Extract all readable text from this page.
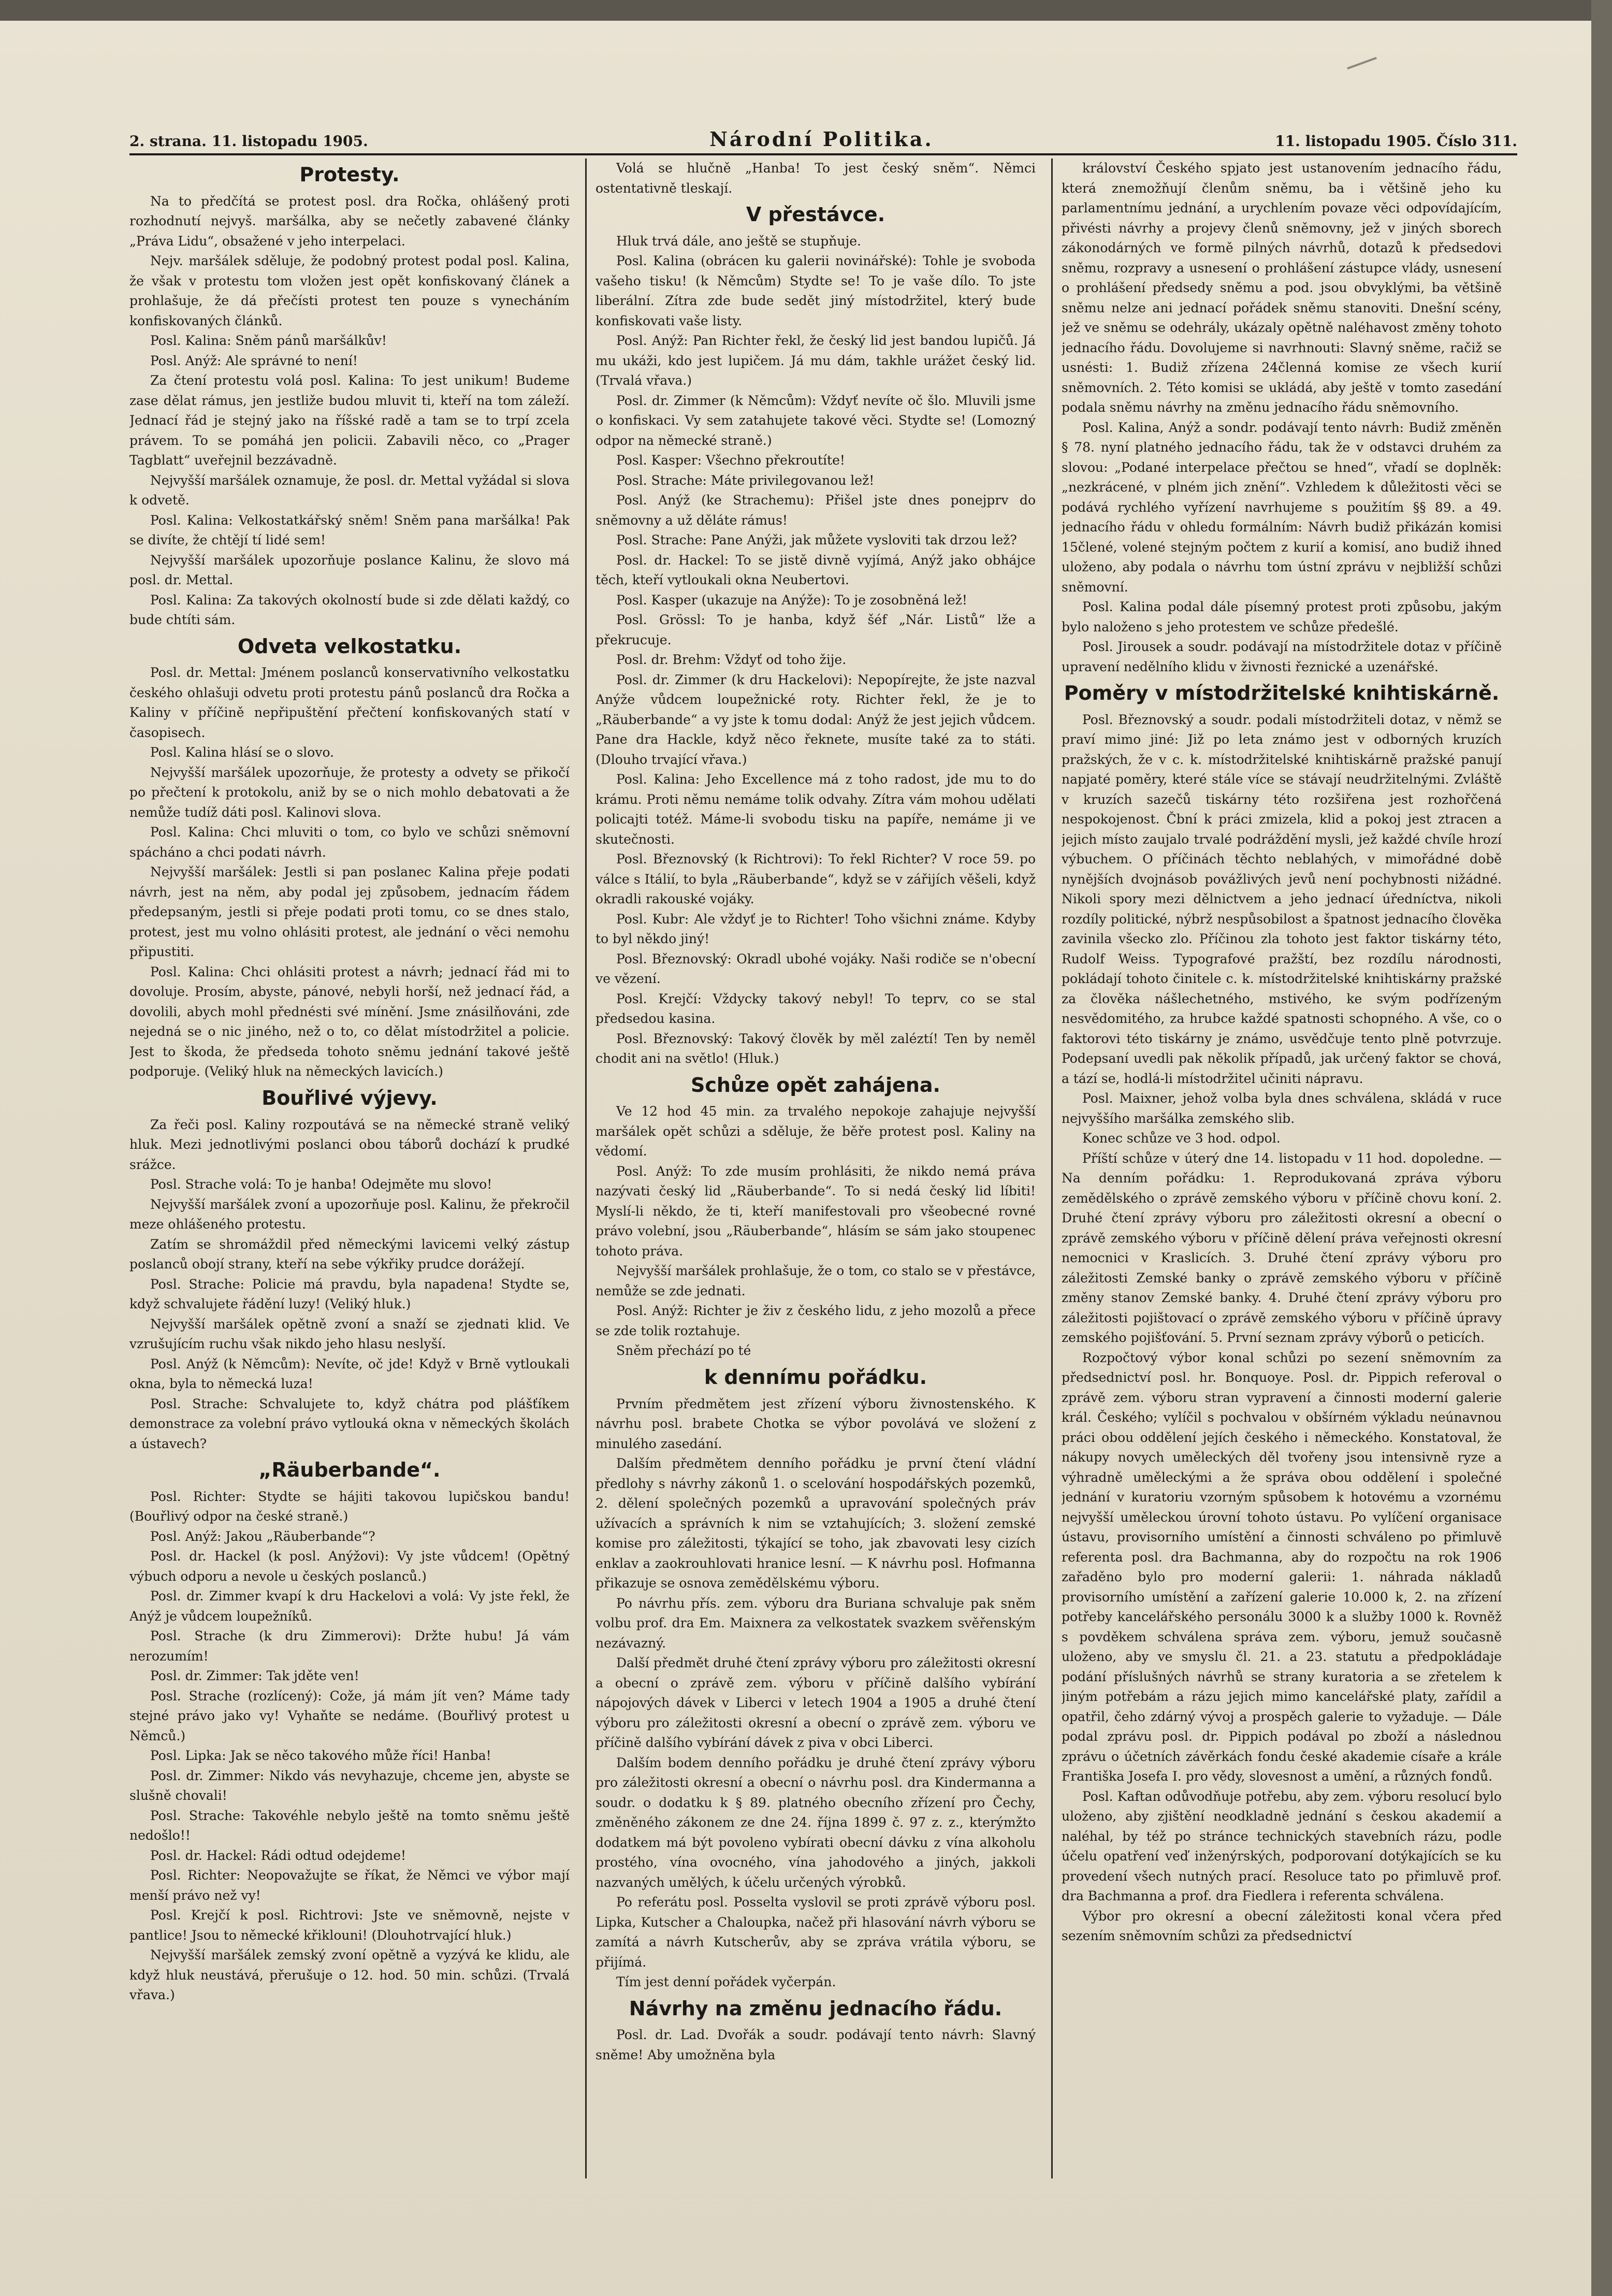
2. strana. 11. listopadu 1905.	Národní Politika.	11. listopadu 1905. Číslo 311.
Protesty.

Na to předčítá se protest posl. dra Ročka, ohlášený proti rozhodnutí nejvyš. maršálka, aby se nečetly zabavené články „Práva Lidu“, obsažené v jeho interpelaci.

Nejv. maršálek sděluje, že podobný protest podal posl. Kalina, že však v protestu tom vložen jest opět konfiskovaný článek a prohlašuje, že dá přečísti protest ten pouze s vynecháním konfiskovaných článků.

Posl. Kalina: Sněm pánů maršálkův!

Posl. Anýž: Ale správné to není!

Za čtení protestu volá posl. Kalina: To jest unikum! Budeme zase dělat rámus, jen jestliže budou mluvit ti, kteří na tom záleží. Jednací řád je stejný jako na říšské radě a tam se to trpí zcela právem. To se pomáhá jen policii. Zabavili něco, co „Prager Tagblatt“ uveřejnil bezzávadně.

Nejvyšší maršálek oznamuje, že posl. dr. Mettal vyžádal si slova k odvetě.

Posl. Kalina: Velkostatkářský sněm! Sněm pana maršálka! Pak se divíte, že chtějí tí lidé sem!

Nejvyšší maršálek upozorňuje poslance Kalinu, že slovo má posl. dr. Mettal.

Posl. Kalina: Za takových okolností bude si zde dělati každý, co bude chtíti sám.

Odveta velkostatku.

Posl. dr. Mettal: Jménem poslanců konservativního velkostatku českého ohlašuji odvetu proti protestu pánů poslanců dra Ročka a Kaliny v příčině nepřipuštění přečtení konfiskovaných statí v časopisech.

Posl. Kalina hlásí se o slovo.

Nejvyšší maršálek upozorňuje, že protesty a odvety se přikočí po přečtení k protokolu, aniž by se o nich mohlo debatovati a že nemůže tudíž dáti posl. Kalinovi slova.

Posl. Kalina: Chci mluviti o tom, co bylo ve schůzi sněmovní spácháno a chci podati návrh.

Nejvyšší maršálek: Jestli si pan poslanec Kalina přeje podati návrh, jest na něm, aby podal jej způsobem, jednacím řádem předepsaným, jestli si přeje podati proti tomu, co se dnes stalo, protest, jest mu volno ohlásiti protest, ale jednání o věci nemohu připustiti.

Posl. Kalina: Chci ohlásiti protest a návrh; jednací řád mi to dovoluje. Prosím, abyste, pánové, nebyli horší, než jednací řád, a dovolili, abych mohl přednésti své mínění. Jsme znásilňováni, zde nejedná se o nic jiného, než o to, co dělat místodržitel a policie. Jest to škoda, že předseda tohoto sněmu jednání takové ještě podporuje. (Veliký hluk na německých lavicích.)

Bouřlivé výjevy.

Za řeči posl. Kaliny rozpoutává se na německé straně veliký hluk. Mezi jednotlivými poslanci obou táborů dochází k prudké srážce.

Posl. Strache volá: To je hanba! Odejměte mu slovo!

Nejvyšší maršálek zvoní a upozorňuje posl. Kalinu, že překročil meze ohlášeného protestu.

Zatím se shromáždil před německými lavicemi velký zástup poslanců obojí strany, kteří na sebe výkřiky prudce dorážejí.

Posl. Strache: Policie má pravdu, byla napadena! Stydte se, když schvalujete řádění luzy! (Veliký hluk.)

Nejvyšší maršálek opětně zvoní a snaží se zjednati klid. Ve vzrušujícím ruchu však nikdo jeho hlasu neslyší.

Posl. Anýž (k Němcům): Nevíte, oč jde! Když v Brně vytloukali okna, byla to německá luza!

Posl. Strache: Schvalujete to, když chátra pod plášťíkem demonstrace za volební právo vytlouká okna v německých školách a ústavech?

„Räuberbande“.

Posl. Richter: Stydte se hájiti takovou lupičskou bandu! (Bouřlivý odpor na české straně.)

Posl. Anýž: Jakou „Räuberbande“?

Posl. dr. Hackel (k posl. Anýžovi): Vy jste vůdcem! (Opětný výbuch odporu a nevole u českých poslanců.)

Posl. dr. Zimmer kvapí k dru Hackelovi a volá: Vy jste řekl, že Anýž je vůdcem loupežníků.

Posl. Strache (k dru Zimmerovi): Držte hubu! Já vám nerozumím!

Posl. dr. Zimmer: Tak jděte ven!

Posl. Strache (rozlícený): Cože, já mám jít ven? Máme tady stejné právo jako vy! Vyhaňte se nedáme. (Bouřlivý protest u Němců.)

Posl. Lipka: Jak se něco takového může říci! Hanba!

Posl. dr. Zimmer: Nikdo vás nevyhazuje, chceme jen, abyste se slušně chovali!

Posl. Strache: Takovéhle nebylo ještě na tomto sněmu ještě nedošlo!!

Posl. dr. Hackel: Rádi odtud odejdeme!

Posl. Richter: Neopovažujte se říkat, že Němci ve výbor mají menší právo než vy!

Posl. Krejčí k posl. Richtrovi: Jste ve sněmovně, nejste v pantlice! Jsou to německé křiklouni! (Dlouhotrvající hluk.)

Nejvyšší maršálek zemský zvoní opětně a vyzývá ke klidu, ale když hluk neustává, přerušuje o 12. hod. 50 min. schůzi. (Trvalá vřava.)

Volá se hlučně „Hanba! To jest český sněm“. Němci ostentativně tleskají.

V přestávce.

Hluk trvá dále, ano ještě se stupňuje.

Posl. Kalina (obrácen ku galerii novinářské): Tohle je svoboda vašeho tisku! (k Němcům) Stydte se! To je vaše dílo. To jste liberální. Zítra zde bude sedět jiný místodržitel, který bude konfiskovati vaše listy.

Posl. Anýž: Pan Richter řekl, že český lid jest bandou lupičů. Já mu ukáži, kdo jest lupičem. Já mu dám, takhle urážet český lid. (Trvalá vřava.)

Posl. dr. Zimmer (k Němcům): Vždyť nevíte oč šlo. Mluvili jsme o konfiskaci. Vy sem zatahujete takové věci. Stydte se! (Lomozný odpor na německé straně.)

Posl. Kasper: Všechno překroutíte!

Posl. Strache: Máte privilegovanou lež!

Posl. Anýž (ke Strachemu): Přišel jste dnes ponejprv do sněmovny a už děláte rámus!

Posl. Strache: Pane Anýži, jak můžete vysloviti tak drzou lež?

Posl. dr. Hackel: To se jistě divně vyjímá, Anýž jako obhájce těch, kteří vytloukali okna Neubertovi.

Posl. Kasper (ukazuje na Anýže): To je zosobněná lež!

Posl. Grössl: To je hanba, když šéf „Nár. Listů“ lže a překrucuje.

Posl. dr. Brehm: Vždyť od toho žije.

Posl. dr. Zimmer (k dru Hackelovi): Nepopírejte, že jste nazval Anýže vůdcem loupežnické roty. Richter řekl, že je to „Räuberbande“ a vy jste k tomu dodal: Anýž že jest jejich vůdcem. Pane dra Hackle, když něco řeknete, musíte také za to státi. (Dlouho trvající vřava.)

Posl. Kalina: Jeho Excellence má z toho radost, jde mu to do krámu. Proti němu nemáme tolik odvahy. Zítra vám mohou udělati policajti totéž. Máme-li svobodu tisku na papíře, nemáme ji ve skutečnosti.

Posl. Březnovský (k Richtrovi): To řekl Richter? V roce 59. po válce s Itálií, to byla „Räuberbande“, když se v zářijích věšeli, když okradli rakouské vojáky.

Posl. Kubr: Ale vždyť je to Richter! Toho všichni známe. Kdyby to byl někdo jiný!

Posl. Březnovský: Okradl ubohé vojáky. Naši rodiče se n'obecní ve vězení.

Posl. Krejčí: Vždycky takový nebyl! To teprv, co se stal předsedou kasina.

Posl. Březnovský: Takový člověk by měl zaléztí! Ten by neměl chodit ani na světlo! (Hluk.)

Schůze opět zahájena.

Ve 12 hod 45 min. za trvalého nepokoje zahajuje nejvyšší maršálek opět schůzi a sděluje, že běře protest posl. Kaliny na vědomí.

Posl. Anýž: To zde musím prohlásiti, že nikdo nemá práva nazývati český lid „Räuberbande“. To si nedá český lid líbiti! Myslí-li někdo, že ti, kteří manifestovali pro všeobecné rovné právo volební, jsou „Räuberbande“, hlásím se sám jako stoupenec tohoto práva.

Nejvyšší maršálek prohlašuje, že o tom, co stalo se v přestávce, nemůže se zde jednati.

Posl. Anýž: Richter je živ z českého lidu, z jeho mozolů a přece se zde tolik roztahuje.

Sněm přechází po té

k dennímu pořádku.

Prvním předmětem jest zřízení výboru živnostenského. K návrhu posl. brabete Chotka se výbor povolává ve složení z minulého zasedání.

Dalším předmětem denního pořádku je první čtení vládní předlohy s návrhy zákonů 1. o scelování hospodářských pozemků, 2. dělení společných pozemků a upravování společných práv užívacích a správních k nim se vztahujících; 3. složení zemské komise pro záležitosti, týkající se toho, jak zbavovati lesy cizích enklav a zaokrouhlovati hranice lesní. — K návrhu posl. Hofmanna přikazuje se osnova zemědělskému výboru.

Po návrhu přís. zem. výboru dra Buriana schvaluje pak sněm volbu prof. dra Em. Maixnera za velkostatek svazkem svěřenským nezávazný.

Další předmět druhé čtení zprávy výboru pro záležitosti okresní a obecní o zprávě zem. výboru v příčině dalšího vybírání nápojových dávek v Liberci v letech 1904 a 1905 a druhé čtení výboru pro záležitosti okresní a obecní o zprávě zem. výboru ve příčině dalšího vybírání dávek z piva v obci Liberci.

Dalším bodem denního pořádku je druhé čtení zprávy výboru pro záležitosti okresní a obecní o návrhu posl. dra Kindermanna a soudr. o dodatku k § 89. platného obecního zřízení pro Čechy, změněného zákonem ze dne 24. října 1899 č. 97 z. z., kterýmžto dodatkem má být povoleno vybírati obecní dávku z vína alkoholu prostého, vína ovocného, vína jahodového a jiných, jakkoli nazvaných umělých, k účelu určených výrobků.

Po referátu posl. Posselta vyslovil se proti zprávě výboru posl. Lipka, Kutscher a Chaloupka, načež při hlasování návrh výboru se zamítá a návrh Kutscherův, aby se zpráva vrátila výboru, se přijímá.

Tím jest denní pořádek vyčerpán.

Návrhy na změnu jednacího řádu.

Posl. dr. Lad. Dvořák a soudr. podávají tento návrh: Slavný sněme! Aby umožněna byla

království Českého spjato jest ustanovením jednacího řádu, která znemožňují členům sněmu, ba i většině jeho ku parlamentnímu jednání, a urychlením povaze věci odpovídajícím, přivésti návrhy a projevy členů sněmovny, jež v jiných sborech zákonodárných ve formě pilných návrhů, dotazů k předsedovi sněmu, rozpravy a usnesení o prohlášení zástupce vlády, usnesení o prohlášení předsedy sněmu a pod. jsou obvyklými, ba většině sněmu nelze ani jednací pořádek sněmu stanoviti. Dnešní scény, jež ve sněmu se odehrály, ukázaly opětně naléhavost změny tohoto jednacího řádu. Dovolujeme si navrhnouti: Slavný sněme, račiž se usnésti: 1. Budiž zřízena 24členná komise ze všech kurií sněmovních. 2. Této komisi se ukládá, aby ještě v tomto zasedání podala sněmu návrhy na změnu jednacího řádu sněmovního.

Posl. Kalina, Anýž a sondr. podávají tento návrh: Budiž změněn § 78. nyní platného jednacího řádu, tak že v odstavci druhém za slovou: „Podané interpelace přečtou se hned“, vřadí se doplněk: „nezkrácené, v plném jich znění“. Vzhledem k důležitosti věci se podává rychlého vyřízení navrhujeme s použitím §§ 89. a 49. jednacího řádu v ohledu formálním: Návrh budiž přikázán komisi 15člené, volené stejným počtem z kurií a komisí, ano budiž ihned uloženo, aby podala o návrhu tom ústní zprávu v nejbližší schůzi sněmovní.

Posl. Kalina podal dále písemný protest proti způsobu, jakým bylo naloženo s jeho protestem ve schůze předešlé.

Posl. Jirousek a soudr. podávají na místodržitele dotaz v příčině upravení nedělního klidu v živnosti řeznické a uzenářské.

Poměry v místodržitelské knihtiskárně.

Posl. Březnovský a soudr. podali místodržiteli dotaz, v němž se praví mimo jiné: Již po leta známo jest v odborných kruzích pražských, že v c. k. místodržitelské knihtiskárně pražské panují napjaté poměry, které stále více se stávají neudržitelnými. Zvláště v kruzích sazečů tiskárny této rozšiřena jest rozhořčená nespokojenost. Čbní k práci zmizela, klid a pokoj jest ztracen a jejich místo zaujalo trvalé podráždění mysli, jež každé chvíle hrozí výbuchem. O příčinách těchto neblahých, v mimořádné době nynějších dvojnásob povážlivých jevů není pochybnosti nižádné. Nikoli spory mezi dělnictvem a jeho jednací úředníctva, nikoli rozdíly politické, nýbrž nespůsobilost a špatnost jednacího člověka zavinila všecko zlo. Příčinou zla tohoto jest faktor tiskárny této, Rudolf Weiss. Typografové pražští, bez rozdílu národnosti, pokládají tohoto činitele c. k. místodržitelské knihtiskárny pražské za člověka nášlechetného, mstivého, ke svým podřízeným nesvědomitého, za hrubce každé spatnosti schopného. A vše, co o faktorovi této tiskárny je známo, usvědčuje tento plně potvrzuje. Podepsaní uvedli pak několik případů, jak určený faktor se chová, a tází se, hodlá-li místodržitel učiniti nápravu.

Posl. Maixner, jehož volba byla dnes schválena, skládá v ruce nejvyššího maršálka zemského slib.

Konec schůze ve 3 hod. odpol.

Příští schůze v úterý dne 14. listopadu v 11 hod. dopoledne. — Na denním pořádku: 1. Reprodukovaná zpráva výboru zemědělského o zprávě zemského výboru v příčině chovu koní. 2. Druhé čtení zprávy výboru pro záležitosti okresní a obecní o zprávě zemského výboru v příčině dělení práva veřejnosti okresní nemocnici v Kraslicích. 3. Druhé čtení zprávy výboru pro záležitosti Zemské banky o zprávě zemského výboru v příčině změny stanov Zemské banky. 4. Druhé čtení zprávy výboru pro záležitosti pojištovací o zprávě zemského výboru v příčině úpravy zemského pojišťování. 5. První seznam zprávy výborů o peticích.

Rozpočtový výbor konal schůzi po sezení sněmovním za předsednictví posl. hr. Bonquoye. Posl. dr. Pippich referoval o zprávě zem. výboru stran vypravení a činnosti moderní galerie král. Českého; vylíčil s pochvalou v obšírném výkladu neúnavnou práci obou oddělení jejích českého i německého. Konstatoval, že nákupy novych uměleckých děl tvořeny jsou intensivně ryze a výhradně uměleckými a že správa obou oddělení i společné jednání v kuratoriu vzorným spůsobem k hotovému a vzornému nejvyšší uměleckou úrovní tohoto ústavu. Po vylíčení organisace ústavu, provisorního umístění a činnosti schváleno po přimluvě referenta posl. dra Bachmanna, aby do rozpočtu na rok 1906 zařaděno bylo pro moderní galerii: 1. náhrada nákladů provisorního umístění a zařízení galerie 10.000 k, 2. na zřízení potřeby kancelářského personálu 3000 k a služby 1000 k. Rovněž s povděkem schválena správa zem. výboru, jemuž současně uloženo, aby ve smyslu čl. 21. a 23. statutu a předpokládaje podání příslušných návrhů se strany kuratoria a se zřetelem k jiným potřebám a rázu jejich mimo kancelářské platy, zařídil a opatřil, čeho zdárný vývoj a prospěch galerie to vyžaduje. — Dále podal zprávu posl. dr. Pippich podával po zboží a následnou zprávu o účetních závěrkách fondu české akademie císaře a krále Františka Josefa I. pro vědy, slovesnost a umění, a různých fondů.

Posl. Kaftan odůvodňuje potřebu, aby zem. výboru resolucí bylo uloženo, aby zjištění neodkladně jednání s českou akademií a naléhal, by též po stránce technických stavebních rázu, podle účelu opatření veď inženýrských, podporovaní dotýkajících se ku provedení všech nutných prací. Resoluce tato po přimluvě prof. dra Bachmanna a prof. dra Fiedlera i referenta schválena.

Výbor pro okresní a obecní záležitosti konal včera před sezením sněmovním schůzi za předsednictví
